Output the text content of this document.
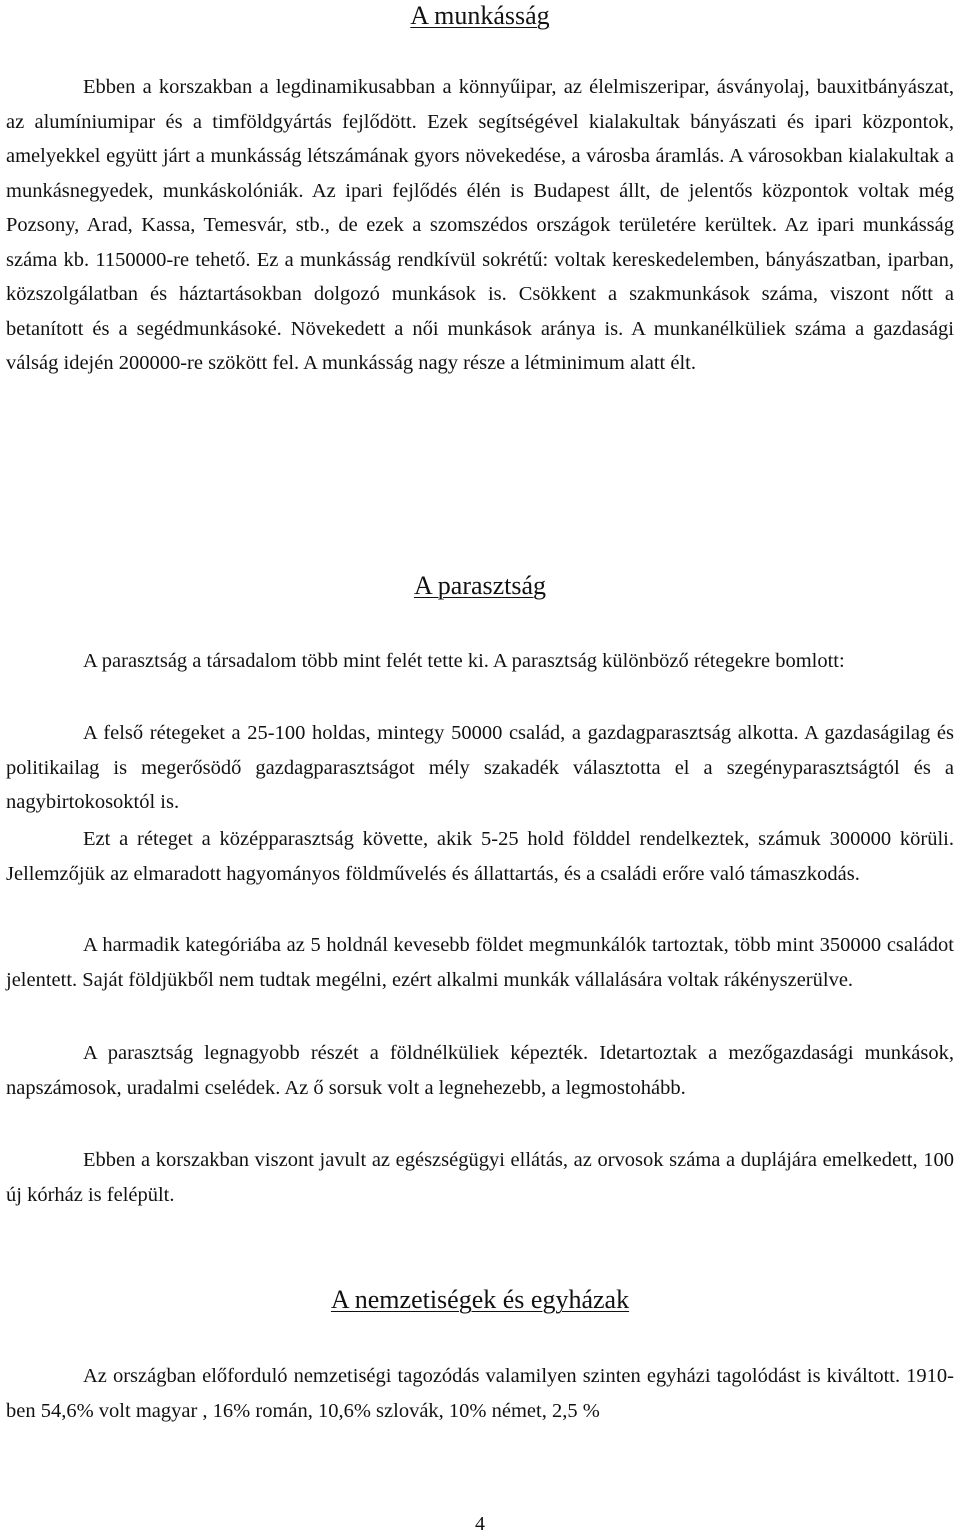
A munkásság

Ebben a korszakban a legdinamikusabban a könnyűipar, az élelmiszeripar, ásványolaj, bauxitbányászat, az alumíniumipar és a timföldgyártás fejlődött. Ezek segítségével kialakultak bányászati és ipari központok, amelyekkel együtt járt a munkásság létszámának gyors növekedése, a városba áramlás. A városokban kialakultak a munkásnegyedek, munkáskolóniák. Az ipari fejlődés élén is Budapest állt, de jelentős központok voltak még Pozsony, Arad, Kassa, Temesvár, stb., de ezek a szomszédos országok területére kerültek. Az ipari munkásság száma kb. 1150000-re tehető. Ez a munkásság rendkívül sokrétű: voltak kereskedelemben, bányászatban, iparban, közszolgálatban és háztartásokban dolgozó munkások is. Csökkent a szakmunkások száma, viszont nőtt a betanított és a segédmunkásoké. Növekedett a női munkások aránya is. A munkanélküliek száma a gazdasági válság idején 200000-re szökött fel. A munkásság nagy része a létminimum alatt élt.

A parasztság

A parasztság a társadalom több mint felét tette ki. A parasztság különböző rétegekre bomlott:

A felső rétegeket a 25-100 holdas, mintegy 50000 család, a gazdagparasztság alkotta. A gazdaságilag és politikailag is megerősödő gazdagparasztságot mély szakadék választotta el a szegényparasztságtól és a nagybirtokosoktól is.

Ezt a réteget a középparasztság követte, akik 5-25 hold földdel rendelkeztek, számuk 300000 körüli. Jellemzőjük az elmaradott hagyományos földművelés és állattartás, és a családi erőre való támaszkodás.

A harmadik kategóriába az 5 holdnál kevesebb földet megmunkálók tartoztak, több mint 350000 családot jelentett. Saját földjükből nem tudtak megélni, ezért alkalmi munkák vállalására voltak rákényszerülve.

A parasztság legnagyobb részét a földnélküliek képezték. Idetartoztak a mezőgazdasági munkások, napszámosok, uradalmi cselédek. Az ő sorsuk volt a legnehezebb, a legmostohább.

Ebben a korszakban viszont javult az egészségügyi ellátás, az orvosok száma a duplájára emelkedett, 100 új kórház is felépült.

A nemzetiségek és egyházak

Az országban előforduló nemzetiségi tagozódás valamilyen szinten egyházi tagolódást is kiváltott. 1910-ben 54,6% volt magyar , 16% román, 10,6% szlovák, 10% német, 2,5 %

4
